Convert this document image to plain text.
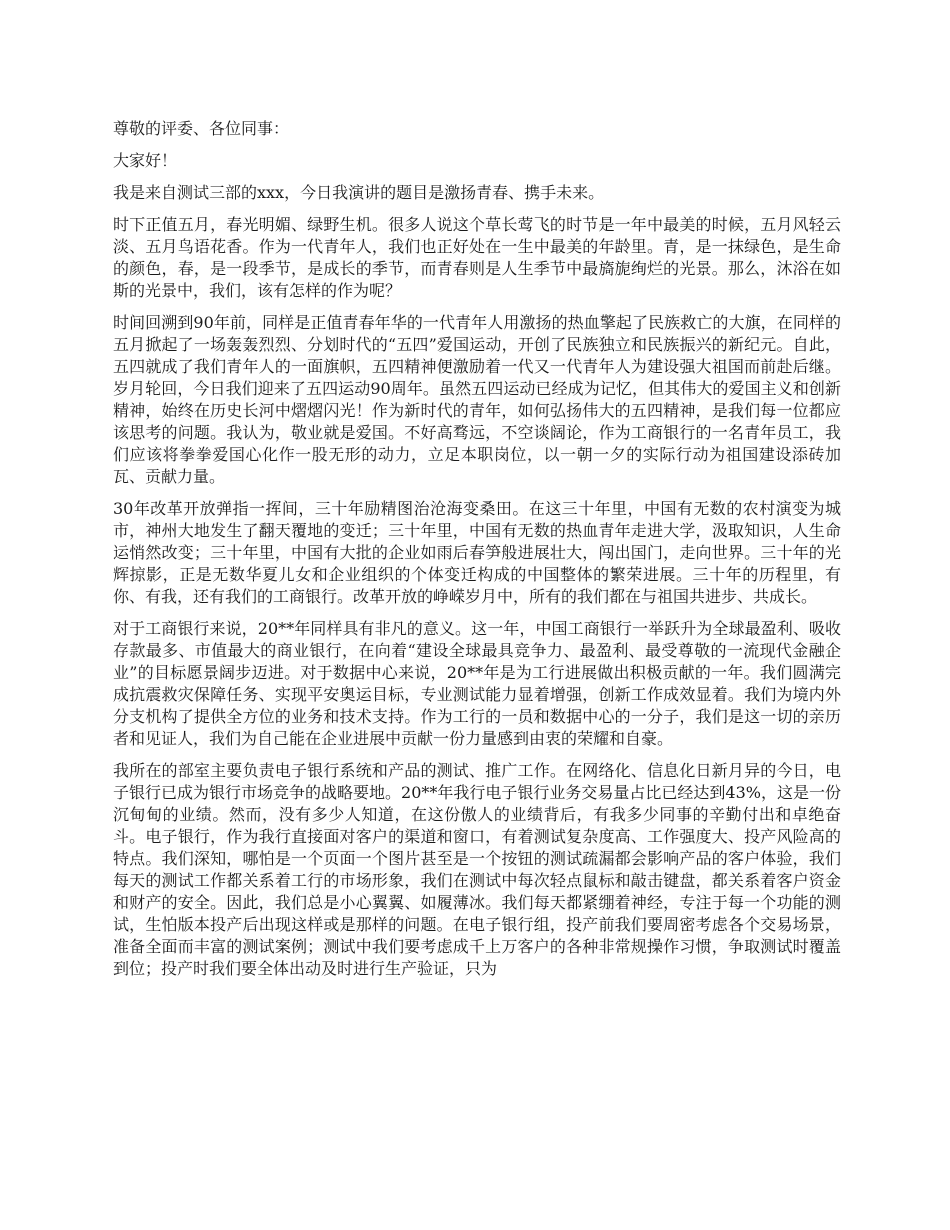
尊敬的评委、各位同事：

大家好！

我是来自测试三部的xxx，今日我演讲的题目是激扬青春、携手未来。

时下正值五月，春光明媚、绿野生机。很多人说这个草长莺飞的时节是一年中最美的时候，五月风轻云淡、五月鸟语花香。作为一代青年人，我们也正好处在一生中最美的年龄里。青，是一抹绿色，是生命的颜色，春，是一段季节，是成长的季节，而青春则是人生季节中最旖旎绚烂的光景。那么，沐浴在如斯的光景中，我们，该有怎样的作为呢？

时间回溯到90年前，同样是正值青春年华的一代青年人用激扬的热血擎起了民族救亡的大旗，在同样的五月掀起了一场轰轰烈烈、分划时代的“五四”爱国运动，开创了民族独立和民族振兴的新纪元。自此，五四就成了我们青年人的一面旗帜，五四精神便激励着一代又一代青年人为建设强大祖国而前赴后继。岁月轮回，今日我们迎来了五四运动90周年。虽然五四运动已经成为记忆，但其伟大的爱国主义和创新精神，始终在历史长河中熠熠闪光！作为新时代的青年，如何弘扬伟大的五四精神，是我们每一位都应该思考的问题。我认为，敬业就是爱国。不好高骛远，不空谈阔论，作为工商银行的一名青年员工，我们应该将拳拳爱国心化作一股无形的动力，立足本职岗位，以一朝一夕的实际行动为祖国建设添砖加瓦、贡献力量。

30年改革开放弹指一挥间，三十年励精图治沧海变桑田。在这三十年里，中国有无数的农村演变为城市，神州大地发生了翻天覆地的变迁；三十年里，中国有无数的热血青年走进大学，汲取知识，人生命运悄然改变；三十年里，中国有大批的企业如雨后春笋般进展壮大，闯出国门，走向世界。三十年的光辉掠影，正是无数华夏儿女和企业组织的个体变迁构成的中国整体的繁荣进展。三十年的历程里，有你、有我，还有我们的工商银行。改革开放的峥嵘岁月中，所有的我们都在与祖国共进步、共成长。

对于工商银行来说，20**年同样具有非凡的意义。这一年，中国工商银行一举跃升为全球最盈利、吸收存款最多、市值最大的商业银行，在向着“建设全球最具竞争力、最盈利、最受尊敬的一流现代金融企业”的目标愿景阔步迈进。对于数据中心来说，20**年是为工行进展做出积极贡献的一年。我们圆满完成抗震救灾保障任务、实现平安奥运目标，专业测试能力显着增强，创新工作成效显着。我们为境内外分支机构了提供全方位的业务和技术支持。作为工行的一员和数据中心的一分子，我们是这一切的亲历者和见证人，我们为自己能在企业进展中贡献一份力量感到由衷的荣耀和自豪。

我所在的部室主要负责电子银行系统和产品的测试、推广工作。在网络化、信息化日新月异的今日，电子银行已成为银行市场竞争的战略要地。20**年我行电子银行业务交易量占比已经达到43%，这是一份沉甸甸的业绩。然而，没有多少人知道，在这份傲人的业绩背后，有我多少同事的辛勤付出和卓绝奋斗。电子银行，作为我行直接面对客户的渠道和窗口，有着测试复杂度高、工作强度大、投产风险高的特点。我们深知，哪怕是一个页面一个图片甚至是一个按钮的测试疏漏都会影响产品的客户体验，我们每天的测试工作都关系着工行的市场形象，我们在测试中每次轻点鼠标和敲击键盘，都关系着客户资金和财产的安全。因此，我们总是小心翼翼、如履薄冰。我们每天都紧绷着神经，专注于每一个功能的测试，生怕版本投产后出现这样或是那样的问题。在电子银行组，投产前我们要周密考虑各个交易场景，准备全面而丰富的测试案例；测试中我们要考虑成千上万客户的各种非常规操作习惯，争取测试时覆盖到位；投产时我们要全体出动及时进行生产验证，只为
